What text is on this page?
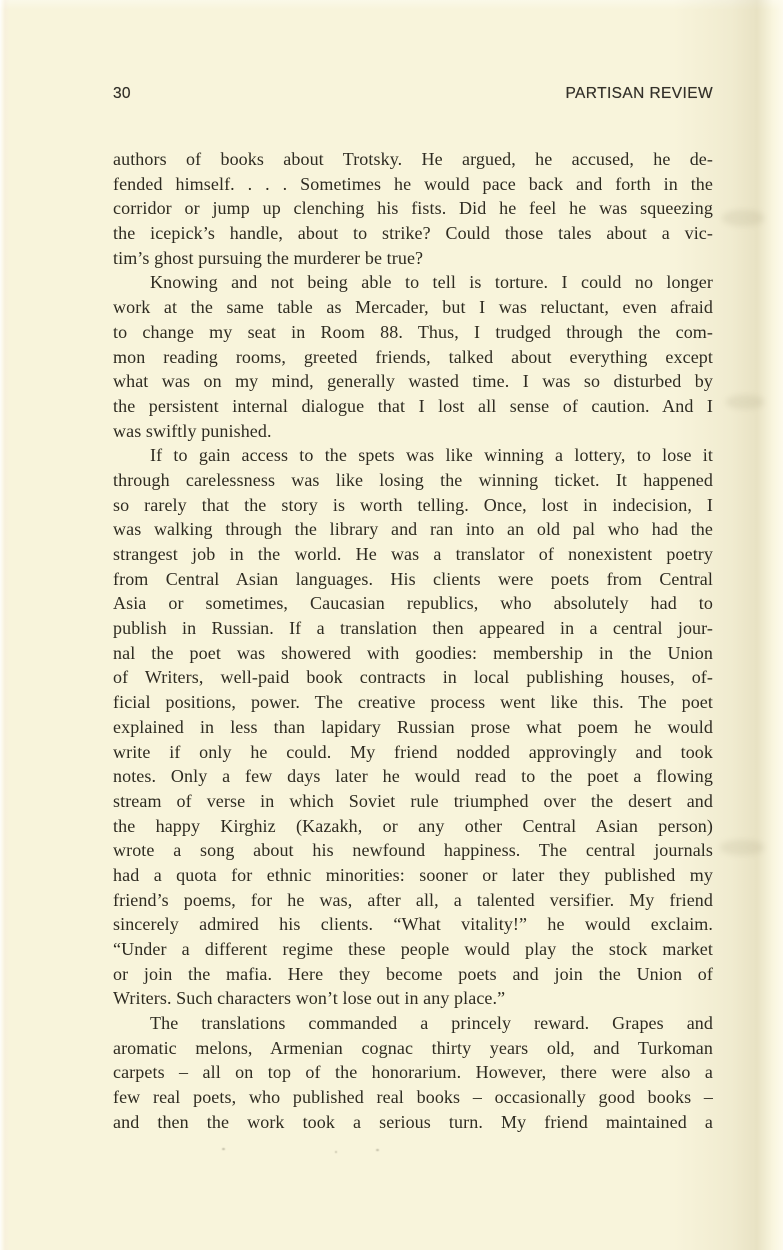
30	PARTISAN REVIEW
authors of books about Trotsky. He argued, he accused, he de-
fended himself. . . . Sometimes he would pace back and forth in the
corridor or jump up clenching his fists. Did he feel he was squeezing
the icepick’s handle, about to strike? Could those tales about a vic-
tim’s ghost pursuing the murderer be true?
Knowing and not being able to tell is torture. I could no longer
work at the same table as Mercader, but I was reluctant, even afraid
to change my seat in Room 88. Thus, I trudged through the com-
mon reading rooms, greeted friends, talked about everything except
what was on my mind, generally wasted time. I was so disturbed by
the persistent internal dialogue that I lost all sense of caution. And I
was swiftly punished.
If to gain access to the spets was like winning a lottery, to lose it
through carelessness was like losing the winning ticket. It happened
so rarely that the story is worth telling. Once, lost in indecision, I
was walking through the library and ran into an old pal who had the
strangest job in the world. He was a translator of nonexistent poetry
from Central Asian languages. His clients were poets from Central
Asia or sometimes, Caucasian republics, who absolutely had to
publish in Russian. If a translation then appeared in a central jour-
nal the poet was showered with goodies: membership in the Union
of Writers, well-paid book contracts in local publishing houses, of-
ficial positions, power. The creative process went like this. The poet
explained in less than lapidary Russian prose what poem he would
write if only he could. My friend nodded approvingly and took
notes. Only a few days later he would read to the poet a flowing
stream of verse in which Soviet rule triumphed over the desert and
the happy Kirghiz (Kazakh, or any other Central Asian person)
wrote a song about his newfound happiness. The central journals
had a quota for ethnic minorities: sooner or later they published my
friend’s poems, for he was, after all, a talented versifier. My friend
sincerely admired his clients. “What vitality!” he would exclaim.
“Under a different regime these people would play the stock market
or join the mafia. Here they become poets and join the Union of
Writers. Such characters won’t lose out in any place.”
The translations commanded a princely reward. Grapes and
aromatic melons, Armenian cognac thirty years old, and Turkoman
carpets – all on top of the honorarium. However, there were also a
few real poets, who published real books – occasionally good books –
and then the work took a serious turn. My friend maintained a
